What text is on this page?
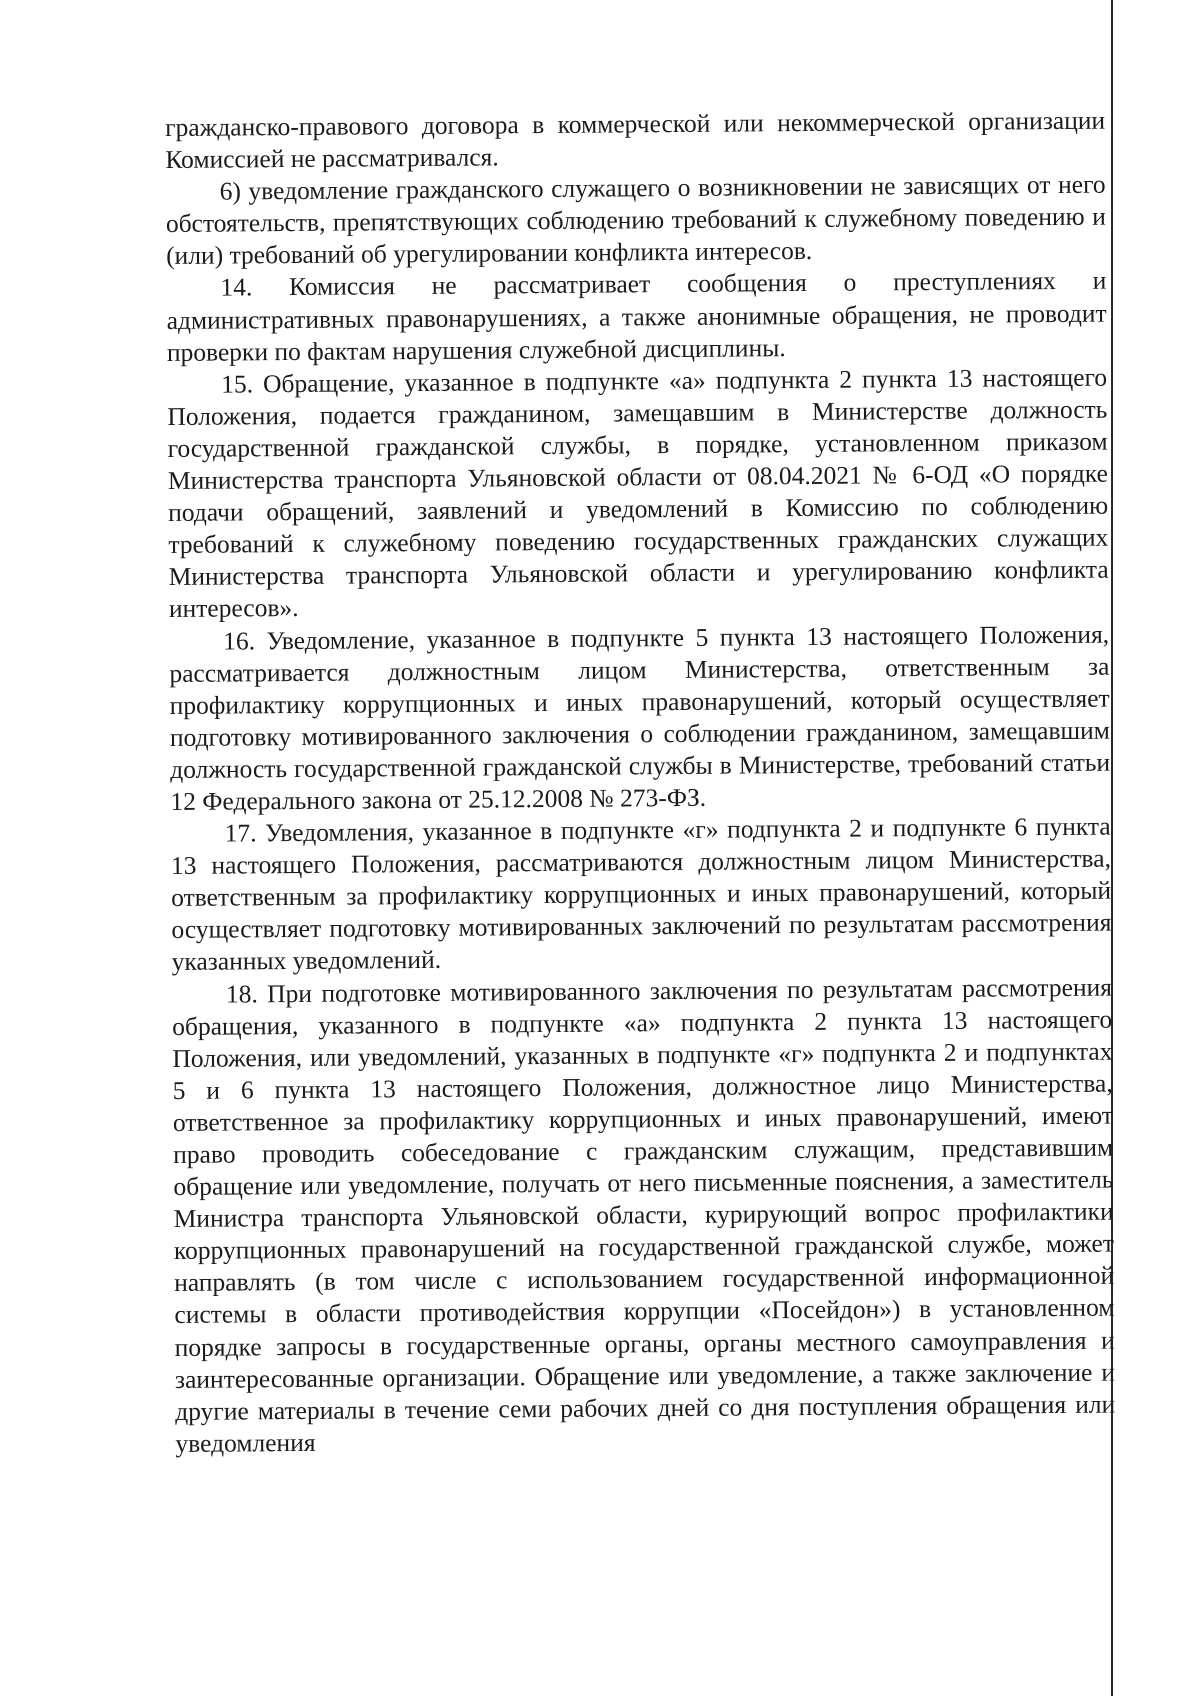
гражданско-правового договора в коммерческой или некоммерческой организации Комиссией не рассматривался.

6) уведомление гражданского служащего о возникновении не зависящих от него обстоятельств, препятствующих соблюдению требований к служебному поведению и (или) требований об урегулировании конфликта интересов.

14. Комиссия не рассматривает сообщения о преступлениях и административных правонарушениях, а также анонимные обращения, не проводит проверки по фактам нарушения служебной дисциплины.

15. Обращение, указанное в подпункте «а» подпункта 2 пункта 13 настоящего Положения, подается гражданином, замещавшим в Министерстве должность государственной гражданской службы, в порядке, установленном приказом Министерства транспорта Ульяновской области от 08.04.2021 № 6-ОД «О порядке подачи обращений, заявлений и уведомлений в Комиссию по соблюдению требований к служебному поведению государственных гражданских служащих Министерства транспорта Ульяновской области и урегулированию конфликта интересов».

16. Уведомление, указанное в подпункте 5 пункта 13 настоящего Положения, рассматривается должностным лицом Министерства, ответственным за профилактику коррупционных и иных правонарушений, который осуществляет подготовку мотивированного заключения о соблюдении гражданином, замещавшим должность государственной гражданской службы в Министерстве, требований статьи 12 Федерального закона от 25.12.2008 № 273-ФЗ.

17. Уведомления, указанное в подпункте «г» подпункта 2 и подпункте 6 пункта 13 настоящего Положения, рассматриваются должностным лицом Министерства, ответственным за профилактику коррупционных и иных правонарушений, который осуществляет подготовку мотивированных заключений по результатам рассмотрения указанных уведомлений.

18. При подготовке мотивированного заключения по результатам рассмотрения обращения, указанного в подпункте «а» подпункта 2 пункта 13 настоящего Положения, или уведомлений, указанных в подпункте «г» подпункта 2 и подпунктах 5 и 6 пункта 13 настоящего Положения, должностное лицо Министерства, ответственное за профилактику коррупционных и иных правонарушений, имеют право проводить собеседование с гражданским служащим, представившим обращение или уведомление, получать от него письменные пояснения, а заместитель Министра транспорта Ульяновской области, курирующий вопрос профилактики коррупционных правонарушений на государственной гражданской службе, может направлять (в том числе с использованием государственной информационной системы в области противодействия коррупции «Посейдон») в установленном порядке запросы в государственные органы, органы местного самоуправления и заинтересованные организации. Обращение или уведомление, а также заключение и другие материалы в течение семи рабочих дней со дня поступления обращения или уведомления
